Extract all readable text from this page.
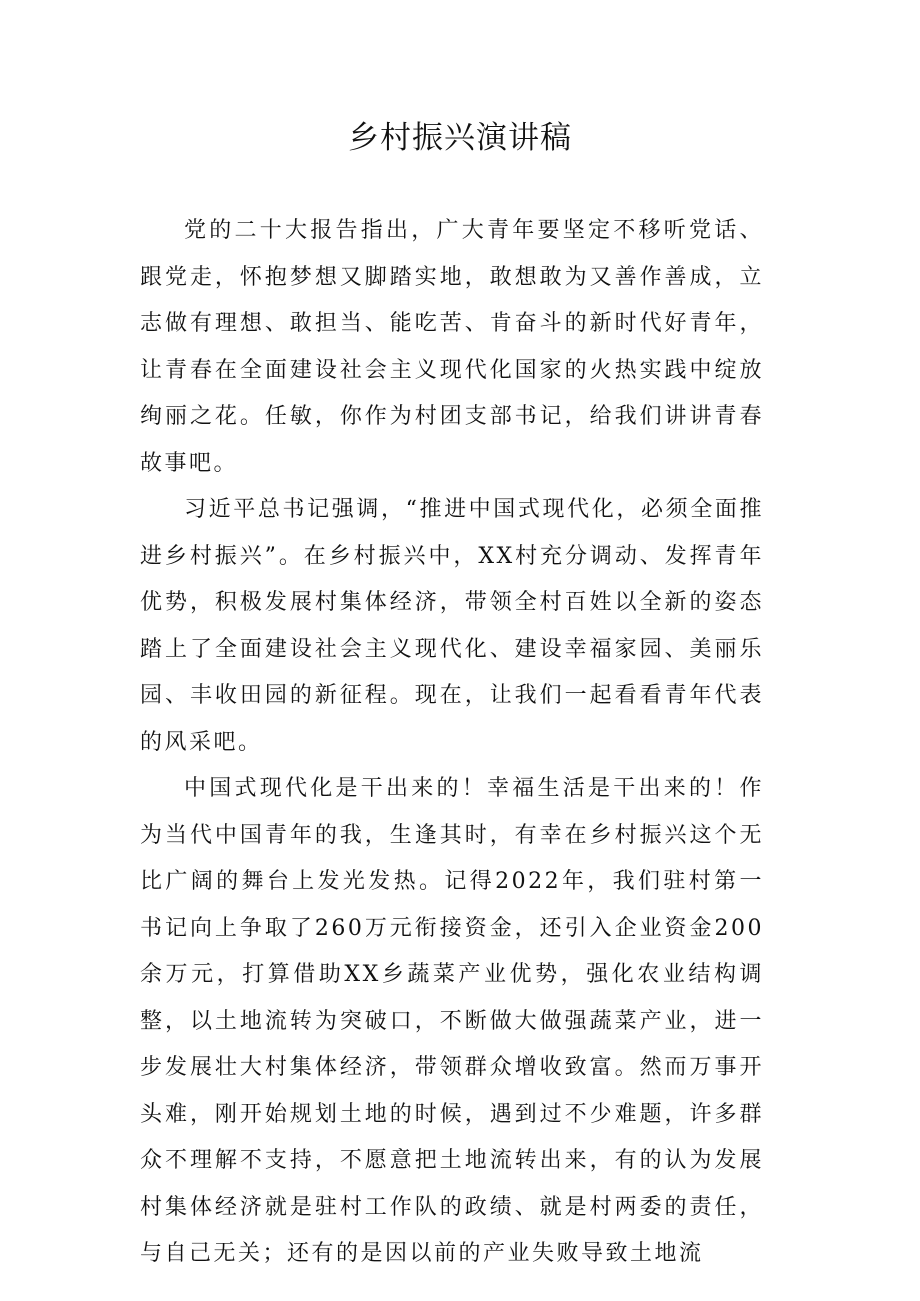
乡村振兴演讲稿

党的二十大报告指出，广大青年要坚定不移听党话、跟党走，怀抱梦想又脚踏实地，敢想敢为又善作善成，立志做有理想、敢担当、能吃苦、肯奋斗的新时代好青年，让青春在全面建设社会主义现代化国家的火热实践中绽放绚丽之花。任敏，你作为村团支部书记，给我们讲讲青春故事吧。

习近平总书记强调，“推进中国式现代化，必须全面推进乡村振兴”。在乡村振兴中，XX村充分调动、发挥青年优势，积极发展村集体经济，带领全村百姓以全新的姿态踏上了全面建设社会主义现代化、建设幸福家园、美丽乐园、丰收田园的新征程。现在，让我们一起看看青年代表的风采吧。

中国式现代化是干出来的！幸福生活是干出来的！作为当代中国青年的我，生逢其时，有幸在乡村振兴这个无比广阔的舞台上发光发热。记得2022年，我们驻村第一书记向上争取了260万元衔接资金，还引入企业资金200余万元，打算借助XX乡蔬菜产业优势，强化农业结构调整，以土地流转为突破口，不断做大做强蔬菜产业，进一步发展壮大村集体经济，带领群众增收致富。然而万事开头难，刚开始规划土地的时候，遇到过不少难题，许多群众不理解不支持，不愿意把土地流转出来，有的认为发展村集体经济就是驻村工作队的政绩、就是村两委的责任，与自己无关；还有的是因以前的产业失败导致土地流
